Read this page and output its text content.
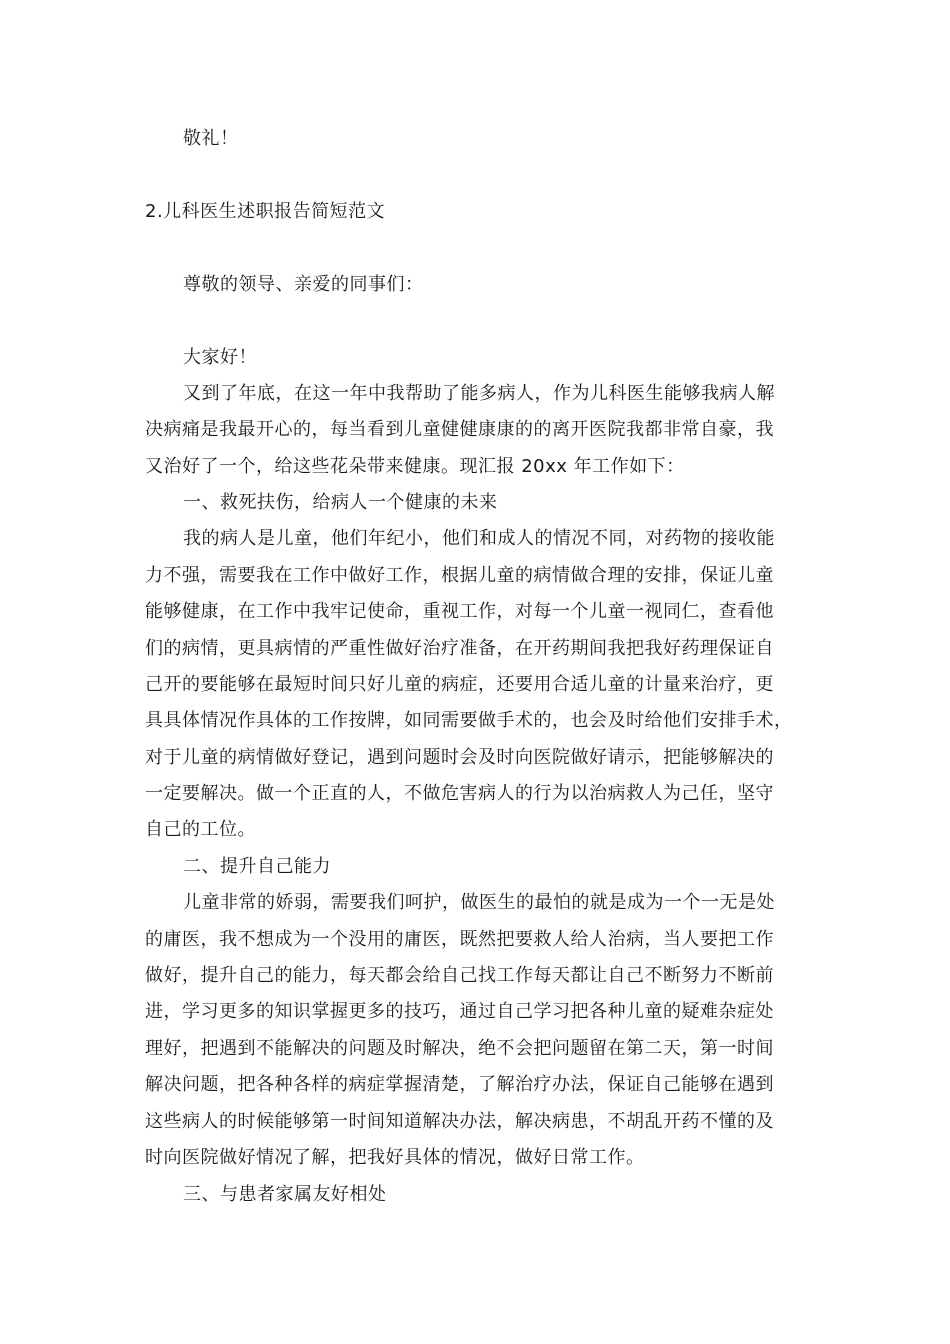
敬礼！
2.儿科医生述职报告简短范文
尊敬的领导、亲爱的同事们：
大家好！
又到了年底，在这一年中我帮助了能多病人，作为儿科医生能够我病人解
决病痛是我最开心的，每当看到儿童健健康康的的离开医院我都非常自豪，我
又治好了一个，给这些花朵带来健康。现汇报 20xx 年工作如下：
一、救死扶伤，给病人一个健康的未来
我的病人是儿童，他们年纪小，他们和成人的情况不同，对药物的接收能
力不强，需要我在工作中做好工作，根据儿童的病情做合理的安排，保证儿童
能够健康，在工作中我牢记使命，重视工作，对每一个儿童一视同仁，查看他
们的病情，更具病情的严重性做好治疗准备，在开药期间我把我好药理保证自
己开的要能够在最短时间只好儿童的病症，还要用合适儿童的计量来治疗，更
具具体情况作具体的工作按牌，如同需要做手术的，也会及时给他们安排手术，
对于儿童的病情做好登记，遇到问题时会及时向医院做好请示，把能够解决的
一定要解决。做一个正直的人，不做危害病人的行为以治病救人为己任，坚守
自己的工位。
二、提升自己能力
儿童非常的娇弱，需要我们呵护，做医生的最怕的就是成为一个一无是处
的庸医，我不想成为一个没用的庸医，既然把要救人给人治病，当人要把工作
做好，提升自己的能力，每天都会给自己找工作每天都让自己不断努力不断前
进，学习更多的知识掌握更多的技巧，通过自己学习把各种儿童的疑难杂症处
理好，把遇到不能解决的问题及时解决，绝不会把问题留在第二天，第一时间
解决问题，把各种各样的病症掌握清楚，了解治疗办法，保证自己能够在遇到
这些病人的时候能够第一时间知道解决办法，解决病患，不胡乱开药不懂的及
时向医院做好情况了解，把我好具体的情况，做好日常工作。
三、与患者家属友好相处
